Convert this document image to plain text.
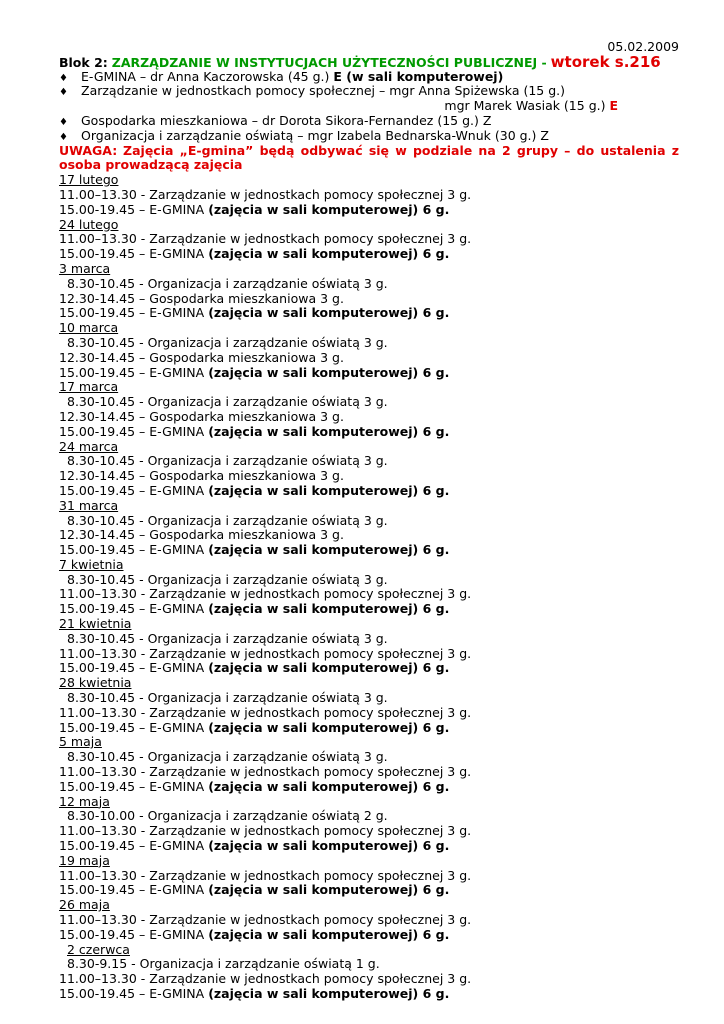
05.02.2009
Blok 2: ZARZĄDZANIE W INSTYTUCJACH UŻYTECZNOŚCI PUBLICZNEJ - wtorek s.216
♦ E-GMINA – dr Anna Kaczorowska (45 g.) E (w sali komputerowej)
♦ Zarządzanie w jednostkach pomocy społecznej – mgr Anna Spiżewska (15 g.)
mgr Marek Wasiak (15 g.) E
♦ Gospodarka mieszkaniowa – dr Dorota Sikora-Fernandez (15 g.) Z
♦ Organizacja i zarządzanie oświatą – mgr Izabela Bednarska-Wnuk (30 g.) Z
UWAGA: Zajęcia „E-gmina” będą odbywać się w podziale na 2 grupy – do ustalenia z osoba prowadzącą zajęcia
17 lutego
11.00–13.30 - Zarządzanie w jednostkach pomocy społecznej 3 g.
15.00-19.45 – E-GMINA (zajęcia w sali komputerowej) 6 g.
24 lutego
11.00–13.30 - Zarządzanie w jednostkach pomocy społecznej 3 g.
15.00-19.45 – E-GMINA (zajęcia w sali komputerowej) 6 g.
3 marca
8.30-10.45 - Organizacja i zarządzanie oświatą 3 g.
12.30-14.45 – Gospodarka mieszkaniowa 3 g.
15.00-19.45 – E-GMINA (zajęcia w sali komputerowej) 6 g.
10 marca
8.30-10.45 - Organizacja i zarządzanie oświatą 3 g.
12.30-14.45 – Gospodarka mieszkaniowa 3 g.
15.00-19.45 – E-GMINA (zajęcia w sali komputerowej) 6 g.
17 marca
8.30-10.45 - Organizacja i zarządzanie oświatą 3 g.
12.30-14.45 – Gospodarka mieszkaniowa 3 g.
15.00-19.45 – E-GMINA (zajęcia w sali komputerowej) 6 g.
24 marca
8.30-10.45 - Organizacja i zarządzanie oświatą 3 g.
12.30-14.45 – Gospodarka mieszkaniowa 3 g.
15.00-19.45 – E-GMINA (zajęcia w sali komputerowej) 6 g.
31 marca
8.30-10.45 - Organizacja i zarządzanie oświatą 3 g.
12.30-14.45 – Gospodarka mieszkaniowa 3 g.
15.00-19.45 – E-GMINA (zajęcia w sali komputerowej) 6 g.
7 kwietnia
8.30-10.45 - Organizacja i zarządzanie oświatą 3 g.
11.00–13.30 - Zarządzanie w jednostkach pomocy społecznej 3 g.
15.00-19.45 – E-GMINA (zajęcia w sali komputerowej) 6 g.
21 kwietnia
8.30-10.45 - Organizacja i zarządzanie oświatą 3 g.
11.00–13.30 - Zarządzanie w jednostkach pomocy społecznej 3 g.
15.00-19.45 – E-GMINA (zajęcia w sali komputerowej) 6 g.
28 kwietnia
8.30-10.45 - Organizacja i zarządzanie oświatą 3 g.
11.00–13.30 - Zarządzanie w jednostkach pomocy społecznej 3 g.
15.00-19.45 – E-GMINA (zajęcia w sali komputerowej) 6 g.
5 maja
8.30-10.45 - Organizacja i zarządzanie oświatą 3 g.
11.00–13.30 - Zarządzanie w jednostkach pomocy społecznej 3 g.
15.00-19.45 – E-GMINA (zajęcia w sali komputerowej) 6 g.
12 maja
8.30-10.00 - Organizacja i zarządzanie oświatą 2 g.
11.00–13.30 - Zarządzanie w jednostkach pomocy społecznej 3 g.
15.00-19.45 – E-GMINA (zajęcia w sali komputerowej) 6 g.
19 maja
11.00–13.30 - Zarządzanie w jednostkach pomocy społecznej 3 g.
15.00-19.45 – E-GMINA (zajęcia w sali komputerowej) 6 g.
26 maja
11.00–13.30 - Zarządzanie w jednostkach pomocy społecznej 3 g.
15.00-19.45 – E-GMINA (zajęcia w sali komputerowej) 6 g.
2 czerwca
8.30-9.15 - Organizacja i zarządzanie oświatą 1 g.
11.00–13.30 - Zarządzanie w jednostkach pomocy społecznej 3 g.
15.00-19.45 – E-GMINA (zajęcia w sali komputerowej) 6 g.
